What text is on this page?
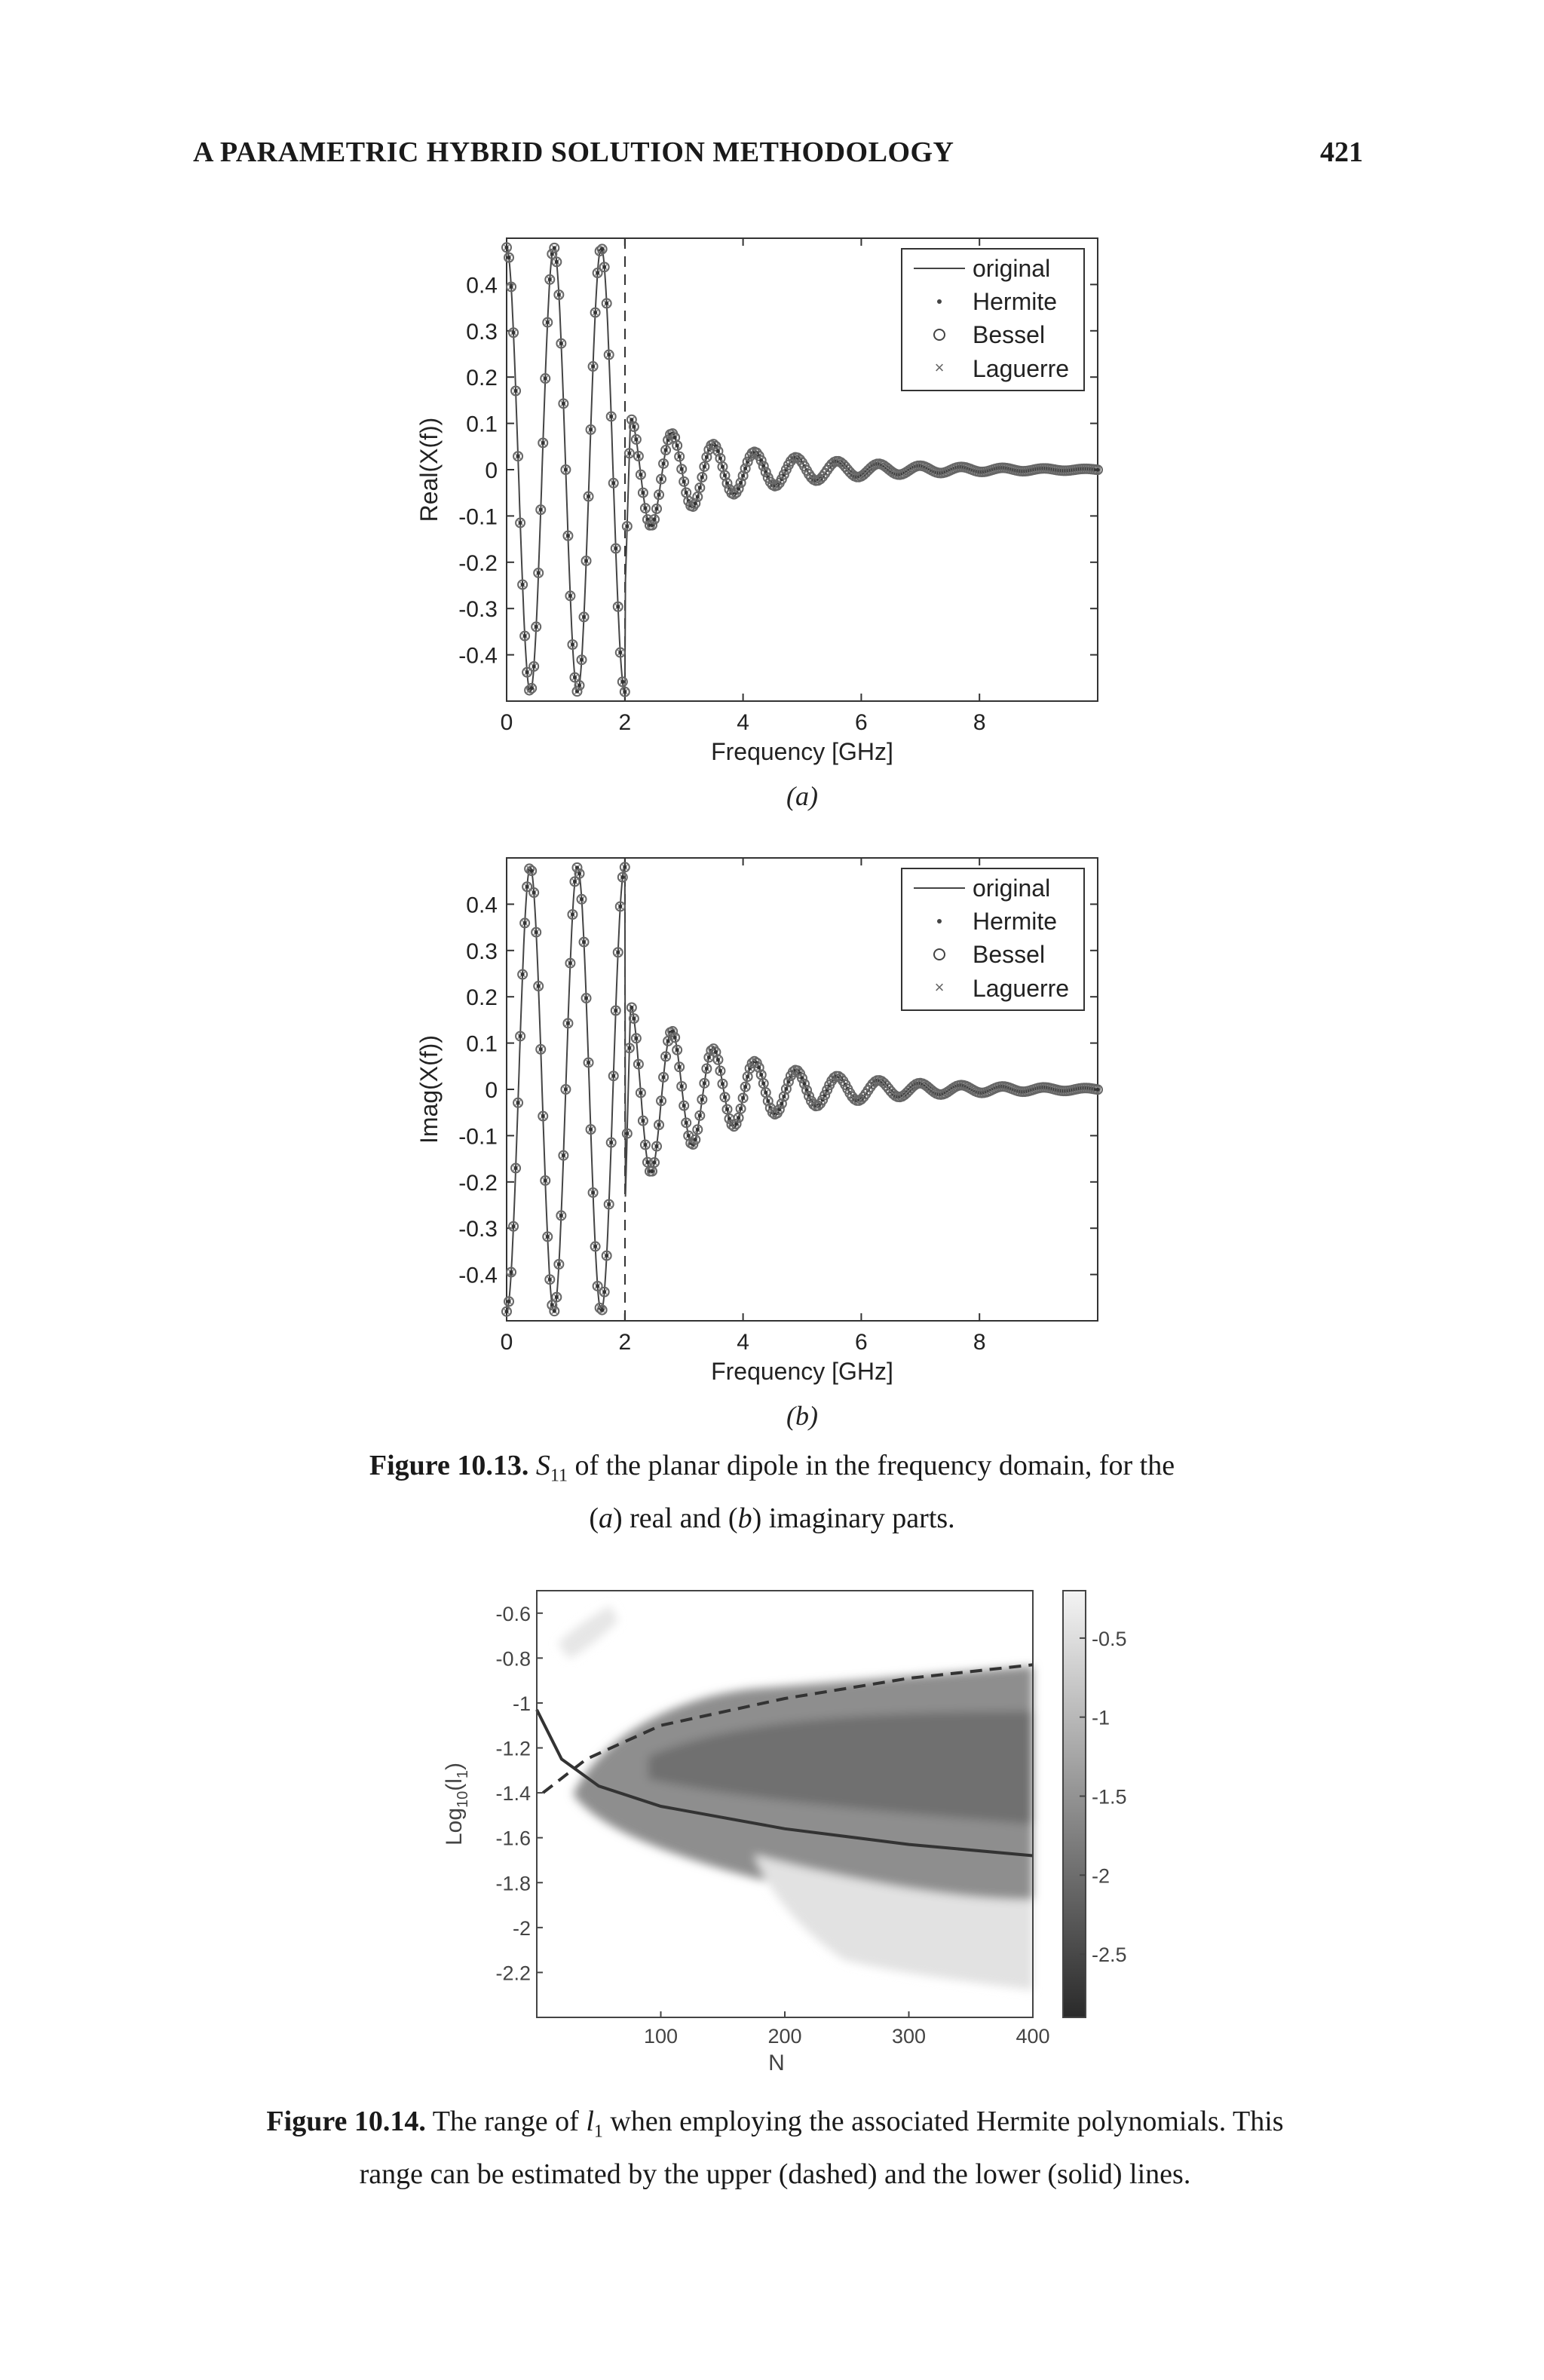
A PARAMETRIC HYBRID SOLUTION METHODOLOGY	421
-0.4
-0.3
-0.2
-0.1
0
0.1
0.2
0.3
0.4
0	2	4	6	8
Frequency [GHz]
Real(X(f))
(a)
×
original
Hermite
Bessel
Laguerre
-0.4
-0.3
-0.2
-0.1
0
0.1
0.2
0.3
0.4
0	2	4	6	8
Frequency [GHz]
Imag(X(f))
(b)
×
original
Hermite
Bessel
Laguerre
-0.6
-0.8
-1
-1.2
-1.4
-1.6
-1.8
-2
-2.2
100	200	300	400
N
$Log_{10}(l_1)$
-0.5
-1
-1.5
-2
-2.5
Figure 10.13. $S_{11}$ of the planar dipole in the frequency domain, for the
(a) real and (b) imaginary parts.
Figure 10.14. The range of $l_1$ when employing the associated Hermite polynomials. This
range can be estimated by the upper (dashed) and the lower (solid) lines.
